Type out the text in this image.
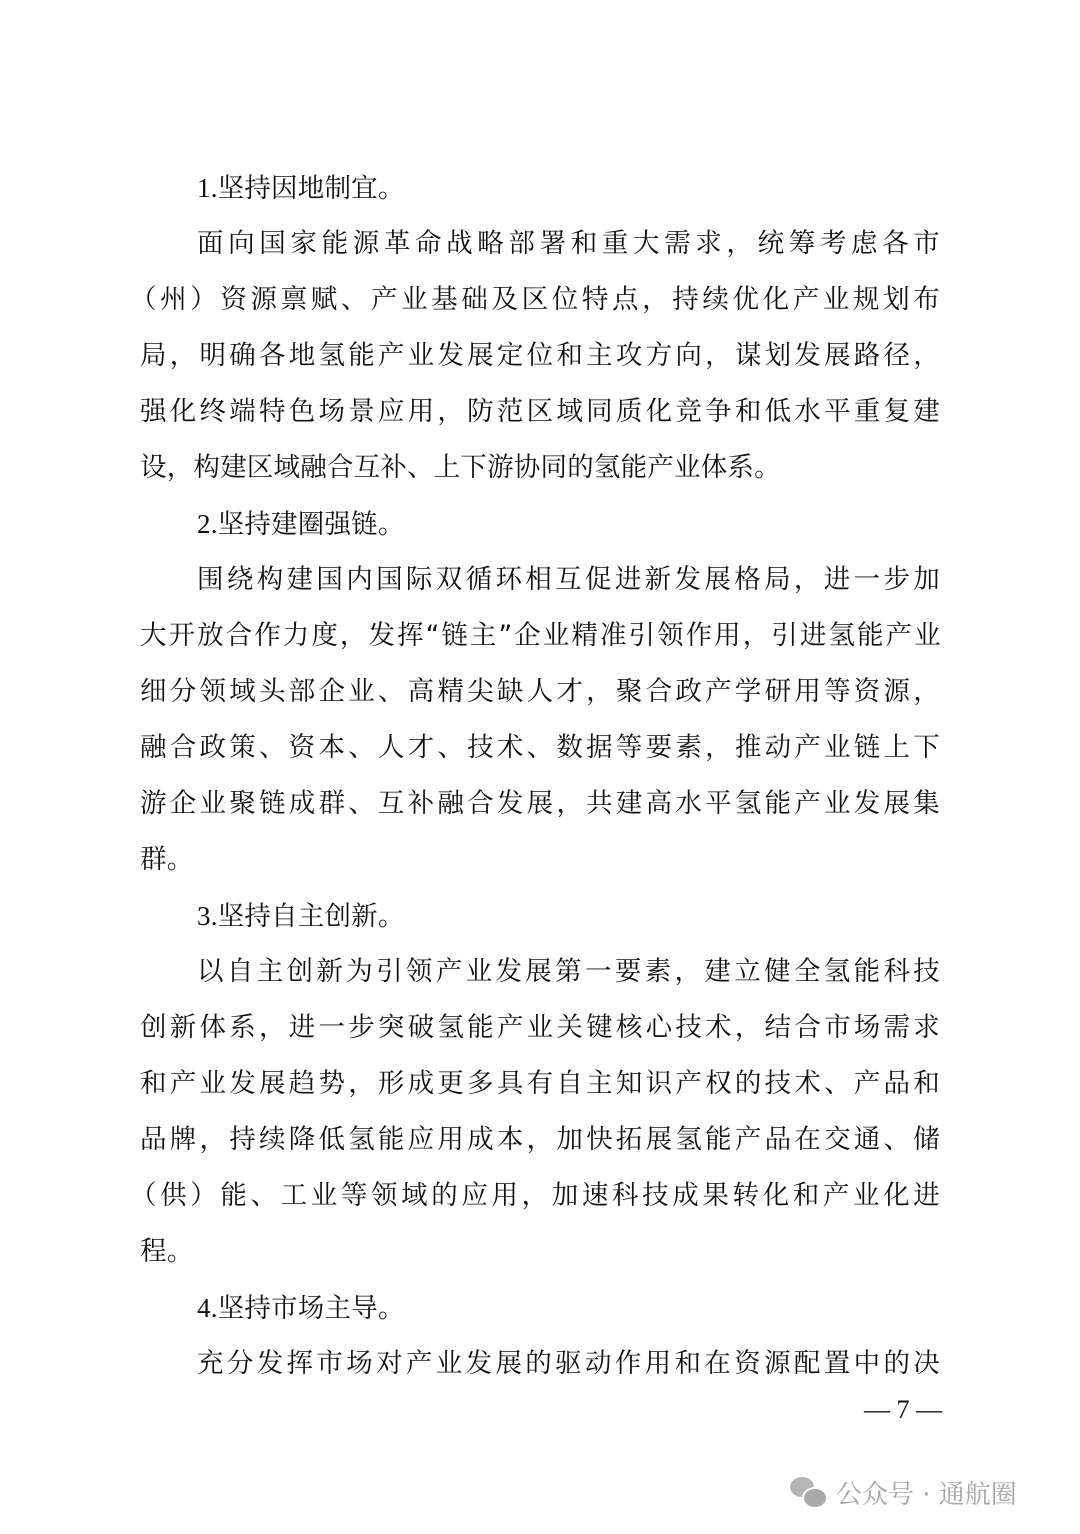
1.坚持因地制宜。
面向国家能源革命战略部署和重大需求，统筹考虑各市
（州）资源禀赋、产业基础及区位特点，持续优化产业规划布
局，明确各地氢能产业发展定位和主攻方向，谋划发展路径，
强化终端特色场景应用，防范区域同质化竞争和低水平重复建
设，构建区域融合互补、上下游协同的氢能产业体系。
2.坚持建圈强链。
围绕构建国内国际双循环相互促进新发展格局，进一步加
大开放合作力度，发挥“链主”企业精准引领作用，引进氢能产业
细分领域头部企业、高精尖缺人才，聚合政产学研用等资源，
融合政策、资本、人才、技术、数据等要素，推动产业链上下
游企业聚链成群、互补融合发展，共建高水平氢能产业发展集
群。
3.坚持自主创新。
以自主创新为引领产业发展第一要素，建立健全氢能科技
创新体系，进一步突破氢能产业关键核心技术，结合市场需求
和产业发展趋势，形成更多具有自主知识产权的技术、产品和
品牌，持续降低氢能应用成本，加快拓展氢能产品在交通、储
（供）能、工业等领域的应用，加速科技成果转化和产业化进
程。
4.坚持市场主导。
充分发挥市场对产业发展的驱动作用和在资源配置中的决
— 7 —
公众号 · 通航圈
